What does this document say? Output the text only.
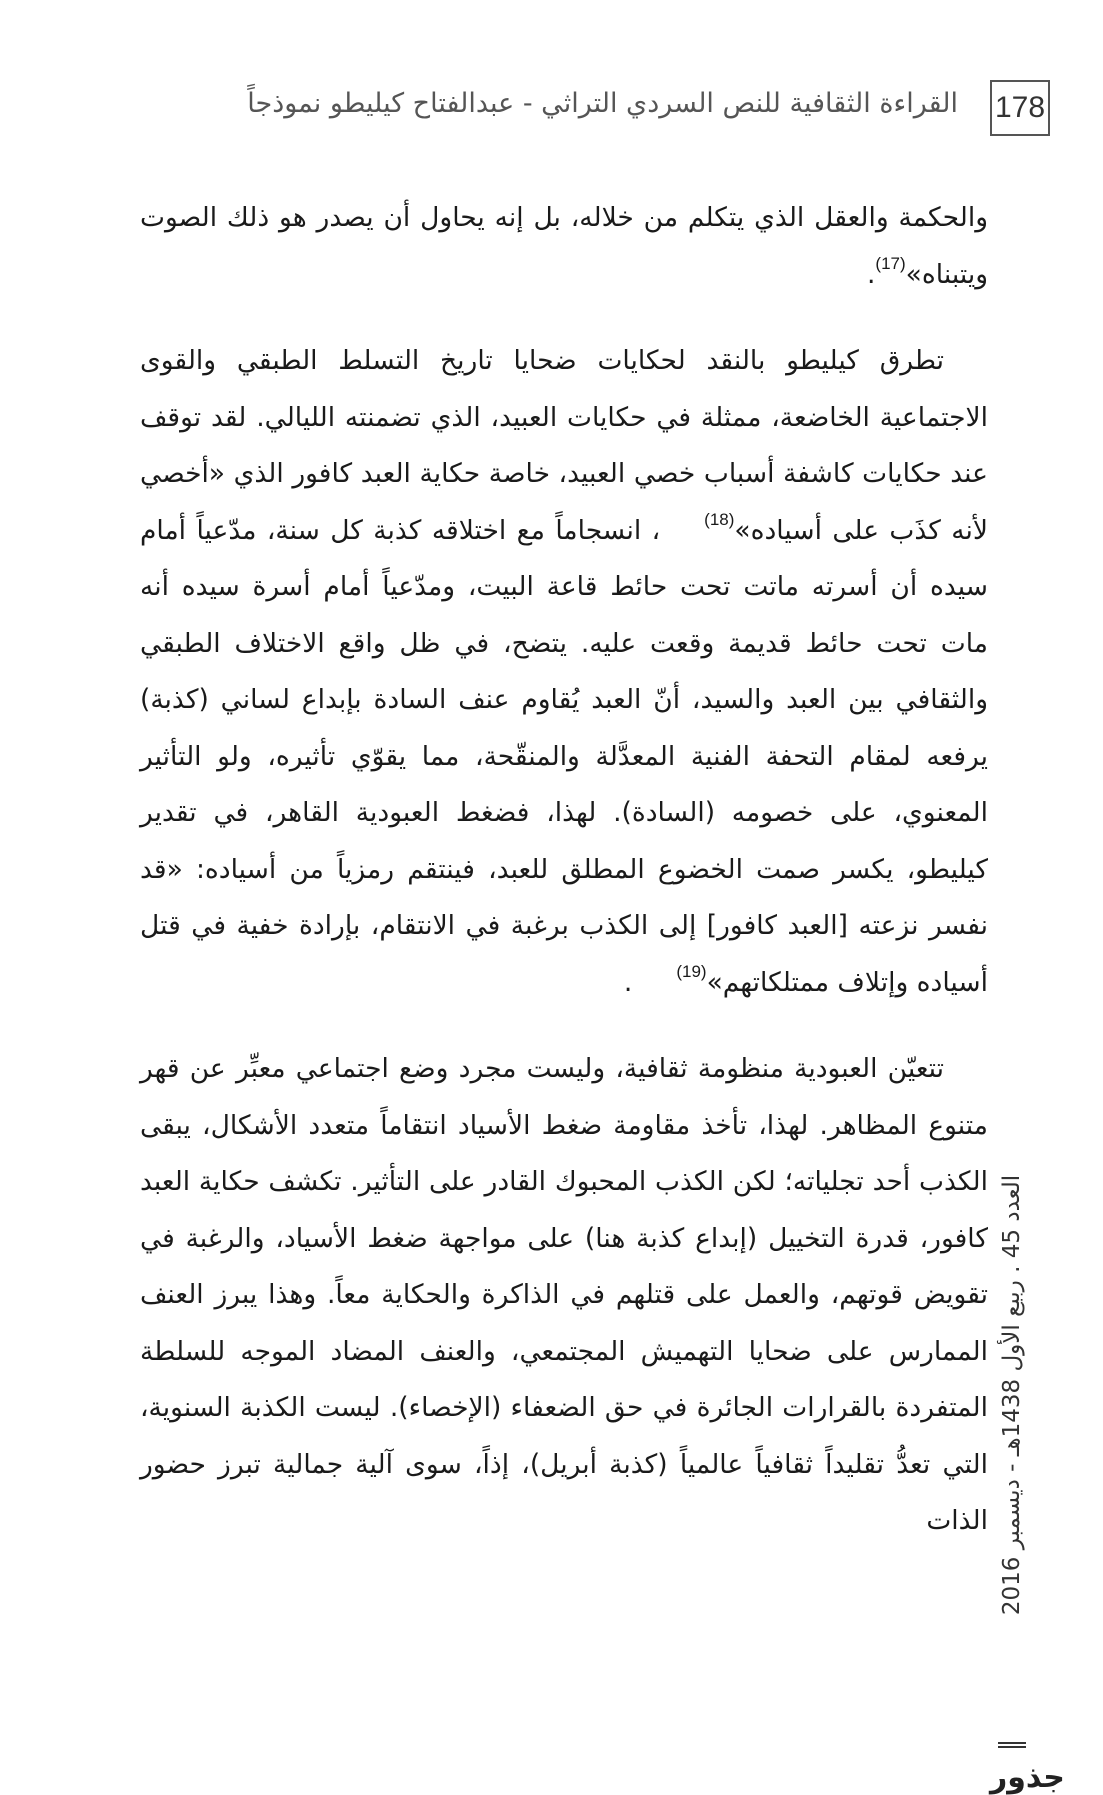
178
القراءة الثقافية للنص السردي التراثي - عبدالفتاح كيليطو نموذجاً

والحكمة والعقل الذي يتكلم من خلاله، بل إنه يحاول أن يصدر هو ذلك الصوت ويتبناه»(17).

تطرق كيليطو بالنقد لحكايات ضحايا تاريخ التسلط الطبقي والقوى الاجتماعية الخاضعة، ممثلة في حكايات العبيد، الذي تضمنته الليالي. لقد توقف عند حكايات كاشفة أسباب خصي العبيد، خاصة حكاية العبد كافور الذي «أخصي لأنه كذَب على أسياده»(18)، انسجاماً مع اختلاقه كذبة كل سنة، مدّعياً أمام سيده أن أسرته ماتت تحت حائط قاعة البيت، ومدّعياً أمام أسرة سيده أنه مات تحت حائط قديمة وقعت عليه. يتضح، في ظل واقع الاختلاف الطبقي والثقافي بين العبد والسيد، أنّ العبد يُقاوم عنف السادة بإبداع لساني (كذبة) يرفعه لمقام التحفة الفنية المعدَّلة والمنقّحة، مما يقوّي تأثيره، ولو التأثير المعنوي، على خصومه (السادة). لهذا، فضغط العبودية القاهر، في تقدير كيليطو، يكسر صمت الخضوع المطلق للعبد، فينتقم رمزياً من أسياده: «قد نفسر نزعته [العبد كافور] إلى الكذب برغبة في الانتقام، بإرادة خفية في قتل أسياده وإتلاف ممتلكاتهم»(19).

تتعيّن العبودية منظومة ثقافية، وليست مجرد وضع اجتماعي معبِّر عن قهر متنوع المظاهر. لهذا، تأخذ مقاومة ضغط الأسياد انتقاماً متعدد الأشكال، يبقى الكذب أحد تجلياته؛ لكن الكذب المحبوك القادر على التأثير. تكشف حكاية العبد كافور، قدرة التخييل (إبداع كذبة هنا) على مواجهة ضغط الأسياد، والرغبة في تقويض قوتهم، والعمل على قتلهم في الذاكرة والحكاية معاً. وهذا يبرز العنف الممارس على ضحايا التهميش المجتمعي، والعنف المضاد الموجه للسلطة المتفردة بالقرارات الجائرة في حق الضعفاء (الإخصاء). ليست الكذبة السنوية، التي تعدُّ تقليداً ثقافياً عالمياً (كذبة أبريل)، إذاً، سوى آلية جمالية تبرز حضور الذات

العدد 45 . ربيع الأول 1438هـ - ديسمبر 2016
جذور
